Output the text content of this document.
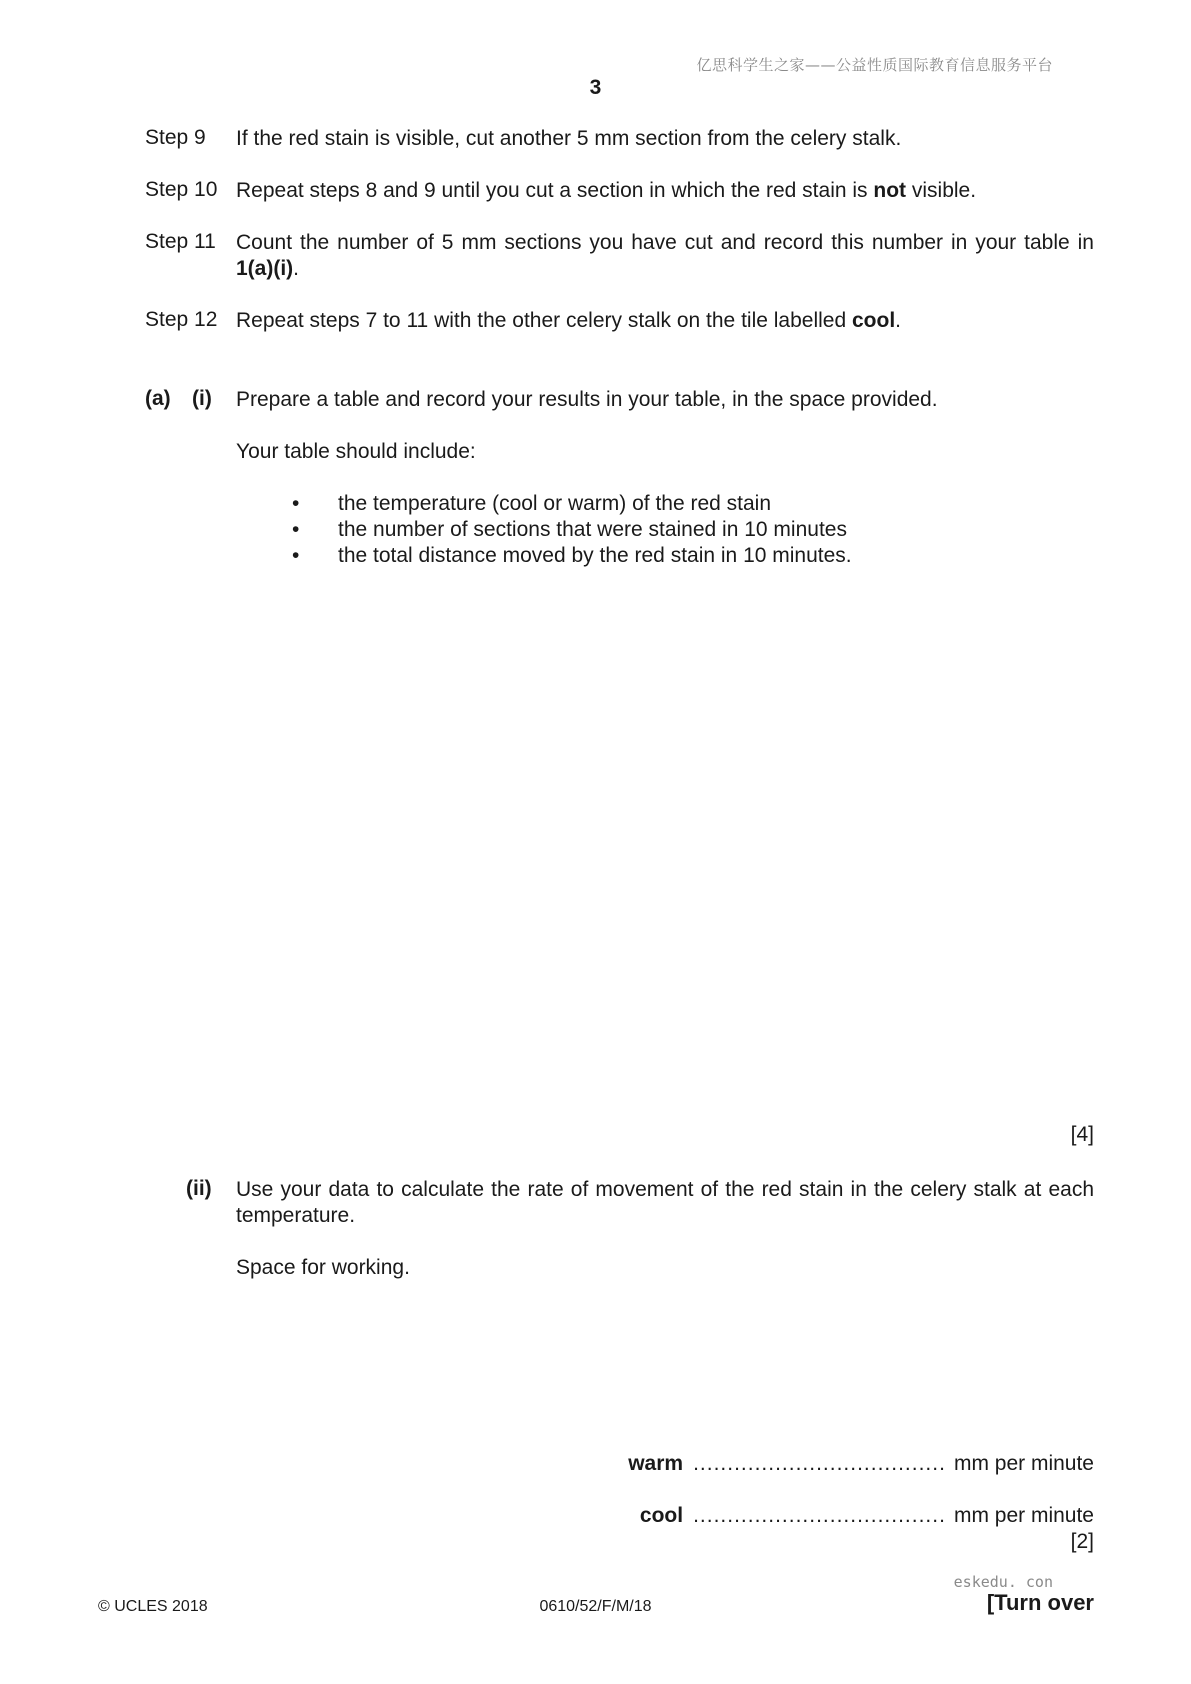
亿思科学生之家——公益性质国际教育信息服务平台
3
Step 9 If the red stain is visible, cut another 5 mm section from the celery stalk.
Step 10 Repeat steps 8 and 9 until you cut a section in which the red stain is not visible.
Step 11 Count the number of 5 mm sections you have cut and record this number in your table in 1(a)(i).
Step 12 Repeat steps 7 to 11 with the other celery stalk on the tile labelled cool.
(a) (i) Prepare a table and record your results in your table, in the space provided.
Your table should include:
• the temperature (cool or warm) of the red stain
• the number of sections that were stained in 10 minutes
• the total distance moved by the red stain in 10 minutes.
[4]
(ii) Use your data to calculate the rate of movement of the red stain in the celery stalk at each temperature.
Space for working.
warm ..................................... mm per minute
cool ..................................... mm per minute
[2]
eskedu. con
© UCLES 2018	0610/52/F/M/18	[Turn over
